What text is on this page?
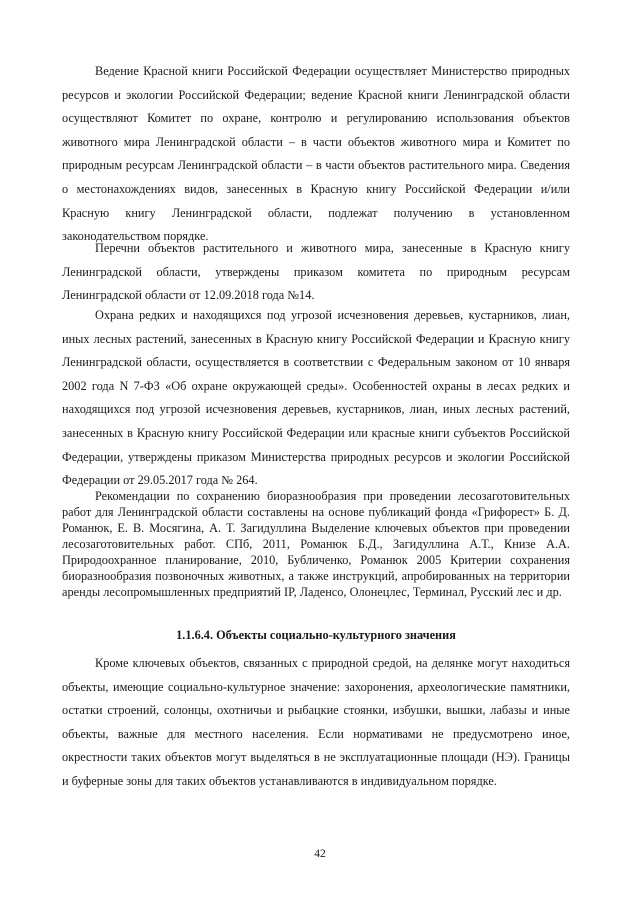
Ведение Красной книги Российской Федерации осуществляет Министерство природных ресурсов и экологии Российской Федерации; ведение Красной книги Ленинградской области осуществляют Комитет по охране, контролю и регулированию использования объектов животного мира Ленинградской области – в части объектов животного мира и Комитет по природным ресурсам Ленинградской области – в части объектов растительного мира. Сведения о местонахождениях видов, занесенных в Красную книгу Российской Федерации и/или Красную книгу Ленинградской области, подлежат получению в установленном законодательством порядке.

Перечни объектов растительного и животного мира, занесенные в Красную книгу Ленинградской области, утверждены приказом комитета по природным ресурсам Ленинградской области от 12.09.2018 года №14.

Охрана редких и находящихся под угрозой исчезновения деревьев, кустарников, лиан, иных лесных растений, занесенных в Красную книгу Российской Федерации и Красную книгу Ленинградской области, осуществляется в соответствии с Федеральным законом от 10 января 2002 года N 7-ФЗ «Об охране окружающей среды». Особенностей охраны в лесах редких и находящихся под угрозой исчезновения деревьев, кустарников, лиан, иных лесных растений, занесенных в Красную книгу Российской Федерации или красные книги субъектов Российской Федерации, утверждены приказом Министерства природных ресурсов и экологии Российской Федерации от 29.05.2017 года № 264.

Рекомендации по сохранению биоразнообразия при проведении лесозаготовительных работ для Ленинградской области составлены на основе публикаций фонда «Грифорест» Б. Д. Романюк, Е. В. Мосягина, А. Т. Загидуллина Выделение ключевых объектов при проведении лесозаготовительных работ. СПб, 2011, Романюк Б.Д., Загидуллина А.Т., Книзе А.А. Природоохранное планирование, 2010, Бубличенко, Романюк 2005 Критерии сохранения биоразнообразия позвоночных животных, а также инструкций, апробированных на территории аренды лесопромышленных предприятий IP, Ладенсо, Олонецлес, Терминал, Русский лес и др.

1.1.6.4. Объекты социально-культурного значения

Кроме ключевых объектов, связанных с природной средой, на делянке могут находиться объекты, имеющие социально-культурное значение: захоронения, археологические памятники, остатки строений, солонцы, охотничьи и рыбацкие стоянки, избушки, вышки, лабазы и иные объекты, важные для местного населения. Если нормативами не предусмотрено иное, окрестности таких объектов могут выделяться в не эксплуатационные площади (НЭ). Границы и буферные зоны для таких объектов устанавливаются в индивидуальном порядке.

42
